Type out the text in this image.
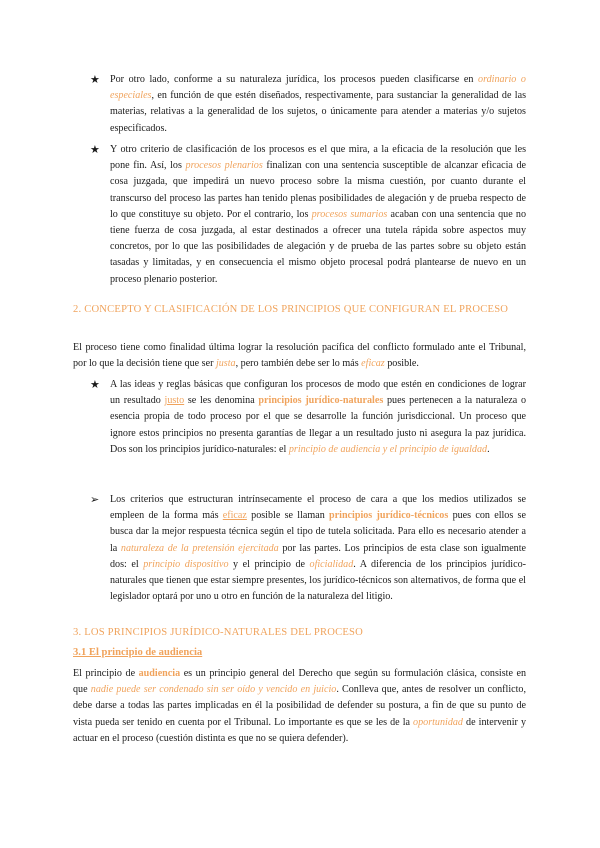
★ Por otro lado, conforme a su naturaleza jurídica, los procesos pueden clasificarse en ordinario o especiales, en función de que estén diseñados, respectivamente, para sustanciar la generalidad de las materias, relativas a la generalidad de los sujetos, o únicamente para atender a materias y/o sujetos especificados.
★ Y otro criterio de clasificación de los procesos es el que mira, a la eficacia de la resolución que les pone fin. Así, los procesos plenarios finalizan con una sentencia susceptible de alcanzar eficacia de cosa juzgada, que impedirá un nuevo proceso sobre la misma cuestión, por cuanto durante el transcurso del proceso las partes han tenido plenas posibilidades de alegación y de prueba respecto de lo que constituye su objeto. Por el contrario, los procesos sumarios acaban con una sentencia que no tiene fuerza de cosa juzgada, al estar destinados a ofrecer una tutela rápida sobre aspectos muy concretos, por lo que las posibilidades de alegación y de prueba de las partes sobre su objeto están tasadas y limitadas, y en consecuencia el mismo objeto procesal podrá plantearse de nuevo en un proceso plenario posterior.
2. CONCEPTO Y CLASIFICACIÓN DE LOS PRINCIPIOS QUE CONFIGURAN EL PROCESO
El proceso tiene como finalidad última lograr la resolución pacífica del conflicto formulado ante el Tribunal, por lo que la decisión tiene que ser justa, pero también debe ser lo más eficaz posible.
★ A las ideas y reglas básicas que configuran los procesos de modo que estén en condiciones de lograr un resultado justo se les denomina principios jurídico-naturales pues pertenecen a la naturaleza o esencia propia de todo proceso por el que se desarrolle la función jurisdiccional. Un proceso que ignore estos principios no presenta garantías de llegar a un resultado justo ni asegura la paz jurídica. Dos son los principios jurídico-naturales: el principio de audiencia y el principio de igualdad.
➢ Los criterios que estructuran intrínsecamente el proceso de cara a que los medios utilizados se empleen de la forma más eficaz posible se llaman principios jurídico-técnicos pues con ellos se busca dar la mejor respuesta técnica según el tipo de tutela solicitada. Para ello es necesario atender a la naturaleza de la pretensión ejercitada por las partes. Los principios de esta clase son igualmente dos: el principio dispositivo y el principio de oficialidad. A diferencia de los principios jurídico-naturales que tienen que estar siempre presentes, los jurídico-técnicos son alternativos, de forma que el legislador optará por uno u otro en función de la naturaleza del litigio.
3. LOS PRINCIPIOS JURÍDICO-NATURALES DEL PROCESO
3.1 El principio de audiencia
El principio de audiencia es un principio general del Derecho que según su formulación clásica, consiste en que nadie puede ser condenado sin ser oído y vencido en juicio. Conlleva que, antes de resolver un conflicto, debe darse a todas las partes implicadas en él la posibilidad de defender su postura, a fin de que su punto de vista pueda ser tenido en cuenta por el Tribunal. Lo importante es que se les de la oportunidad de intervenir y actuar en el proceso (cuestión distinta es que no se quiera defender).
